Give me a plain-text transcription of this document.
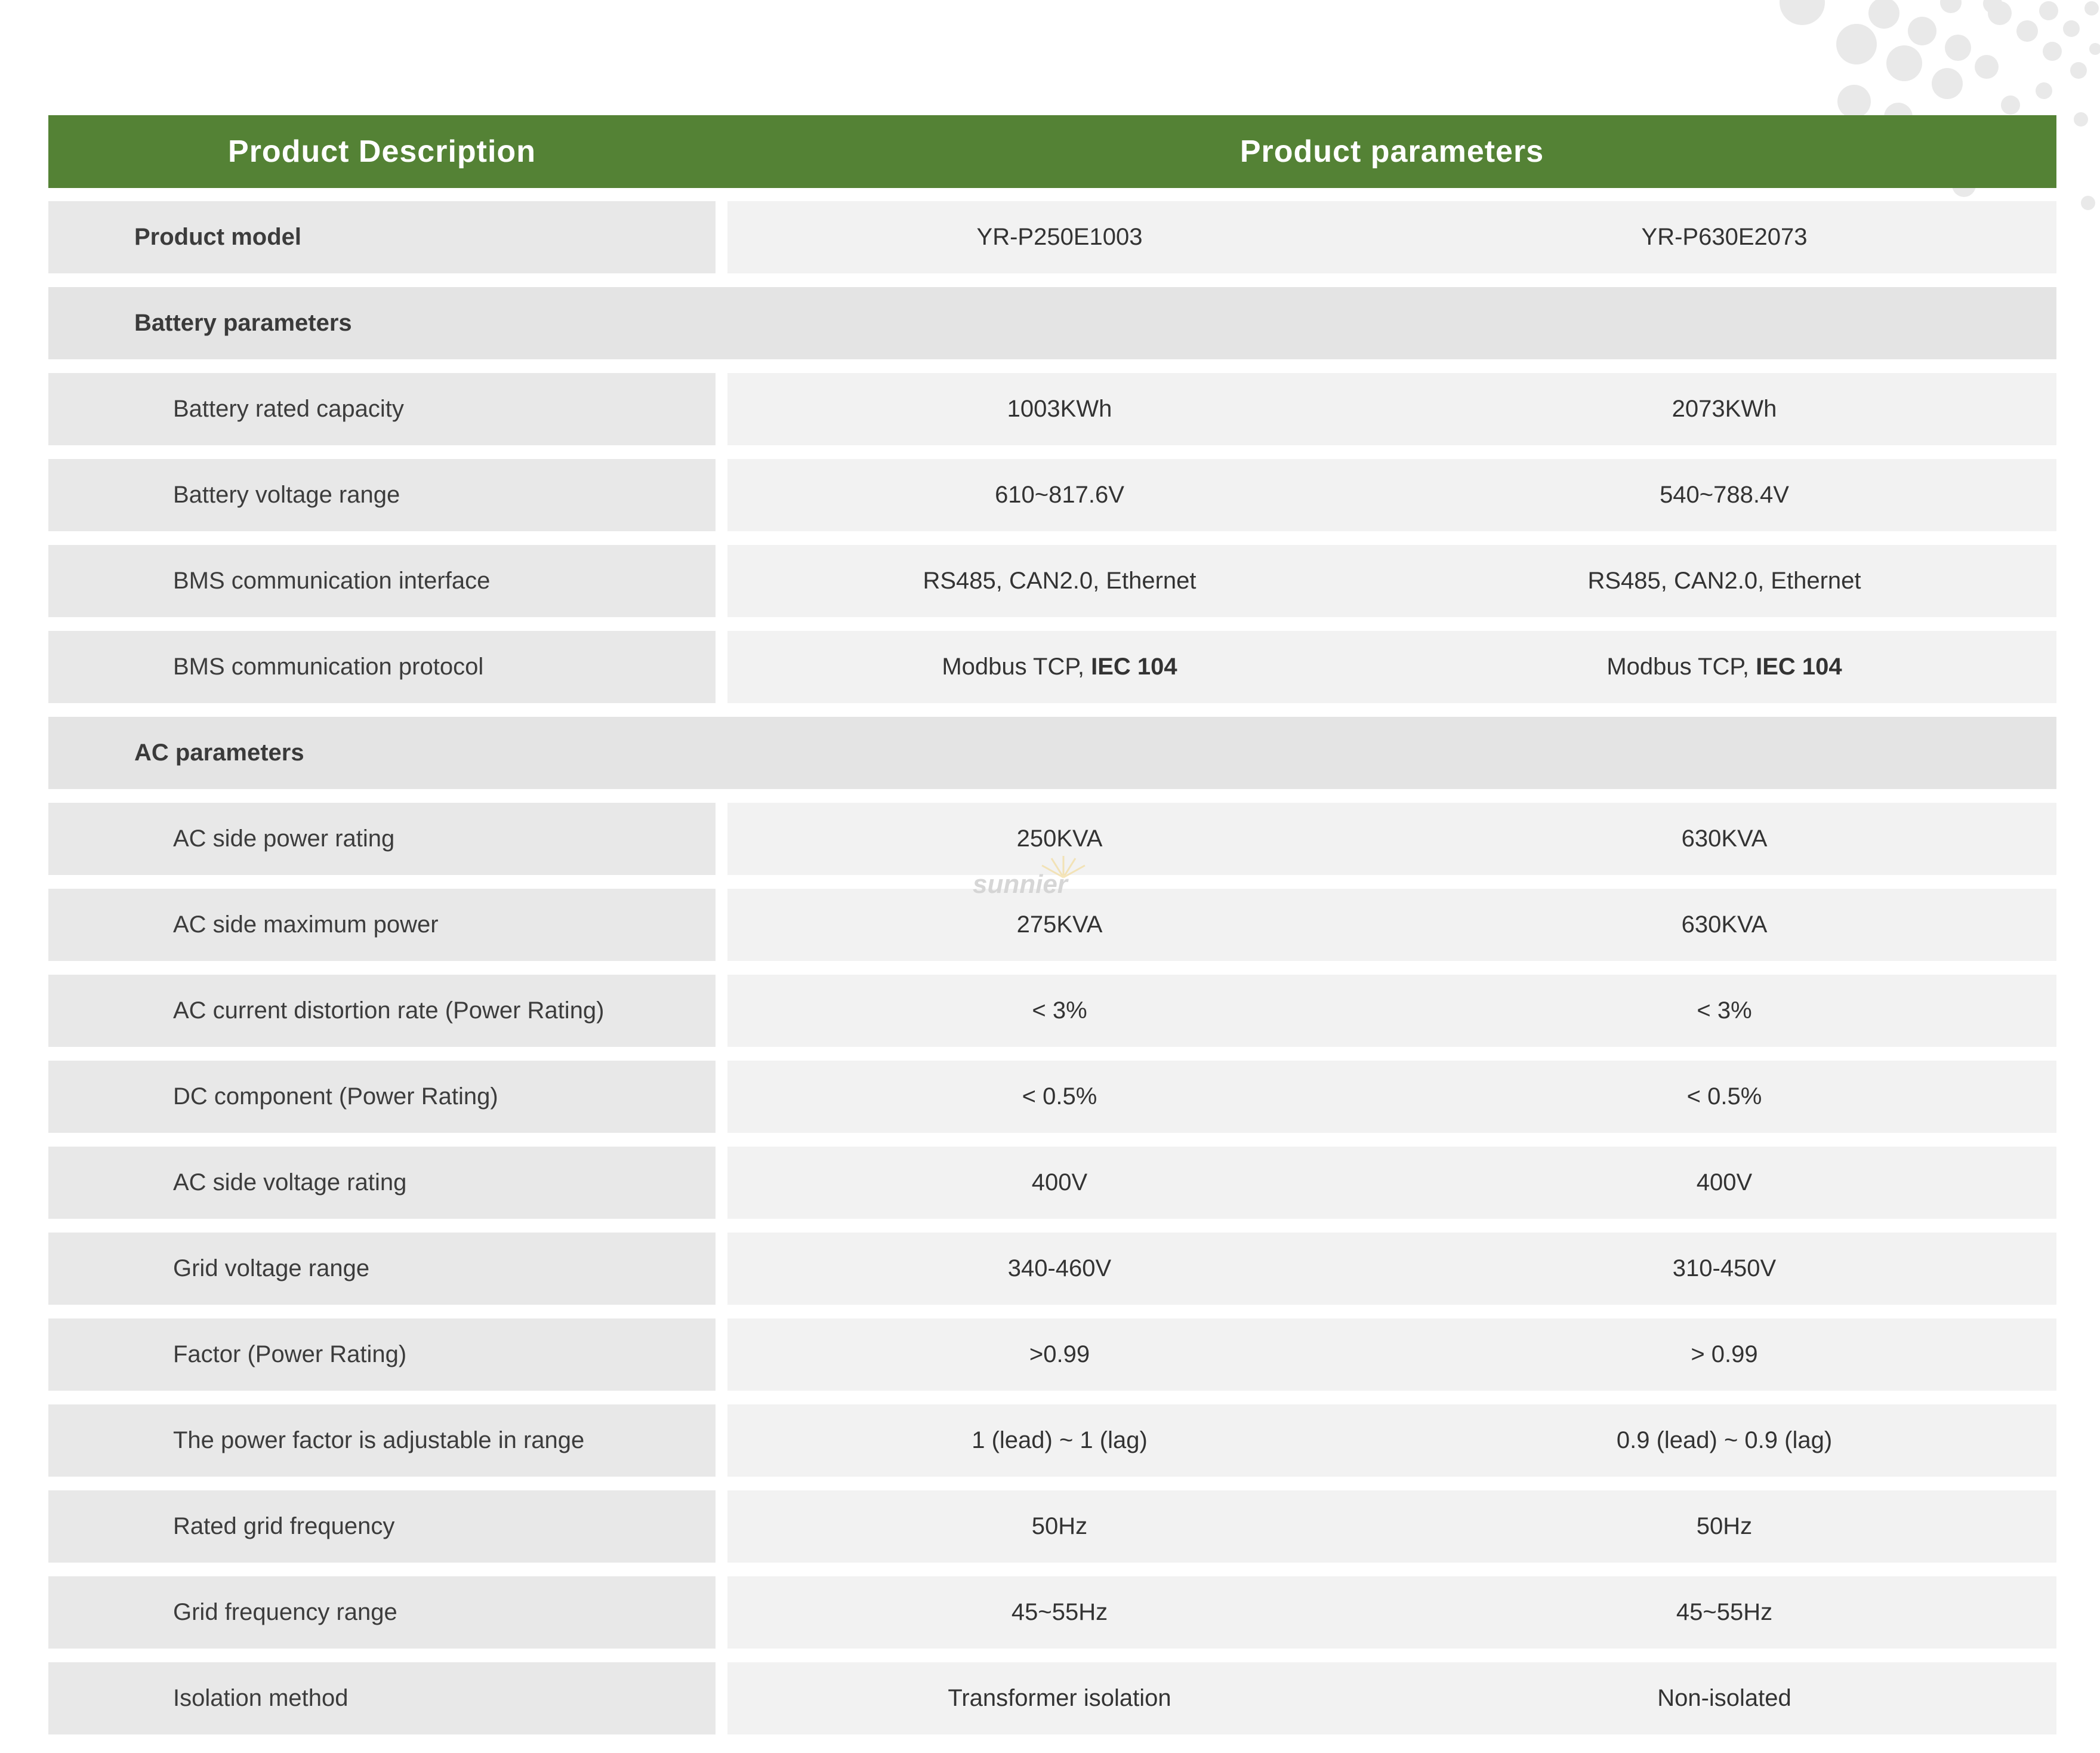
Product Description	Product parameters
Product model	YR-P250E1003	YR-P630E2073
Battery parameters
Battery rated capacity	1003KWh	2073KWh
Battery voltage range	610~817.6V	540~788.4V
BMS communication interface	RS485, CAN2.0, Ethernet	RS485, CAN2.0, Ethernet
BMS communication protocol	Modbus TCP, IEC 104	Modbus TCP, IEC 104
AC parameters
AC side power rating	250KVA	630KVA
AC side maximum power	275KVA	630KVA
AC current distortion rate (Power Rating)	< 3%	< 3%
DC component (Power Rating)	< 0.5%	< 0.5%
AC side voltage rating	400V	400V
Grid voltage range	340-460V	310-450V
Factor (Power Rating)	>0.99	> 0.99
The power factor is adjustable in range	1 (lead) ~ 1 (lag)	0.9 (lead) ~ 0.9 (lag)
Rated grid frequency	50Hz	50Hz
Grid frequency range	45~55Hz	45~55Hz
Isolation method	Transformer isolation	Non-isolated
sunnier
